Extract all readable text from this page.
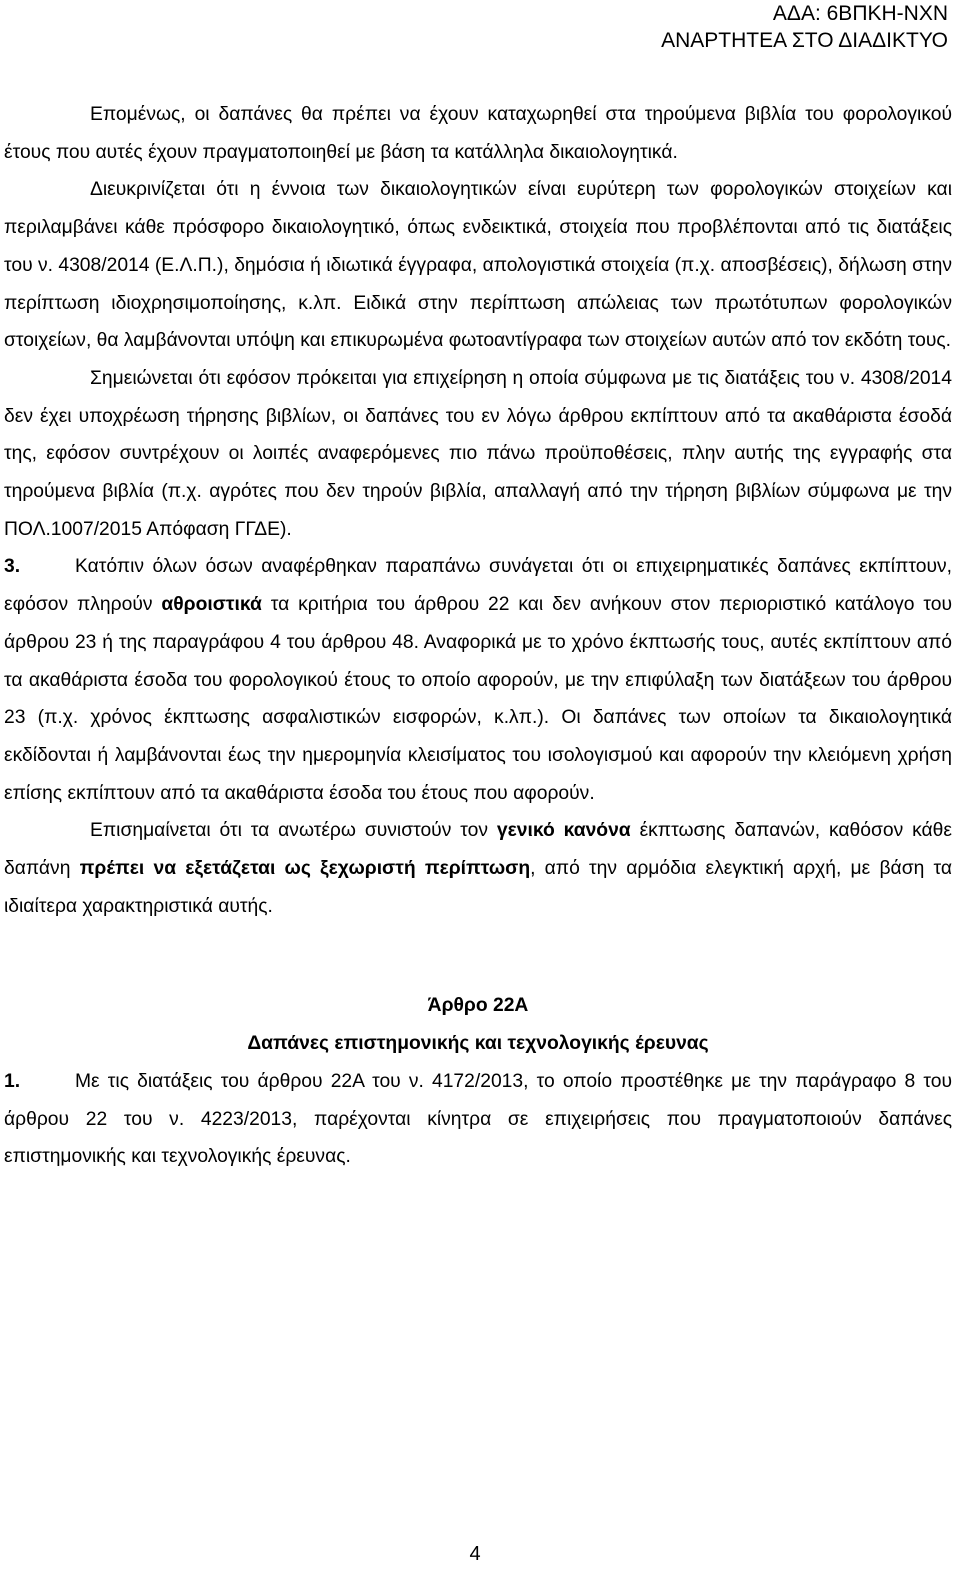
ΑΔΑ: 6ΒΠΚΗ-ΝΧΝ
ΑΝΑΡΤΗΤΕΑ ΣΤΟ ΔΙΑΔΙΚΤΥΟ

Επομένως, οι δαπάνες θα πρέπει να έχουν καταχωρηθεί στα τηρούμενα βιβλία του φορολογικού έτους που αυτές έχουν πραγματοποιηθεί με βάση τα κατάλληλα δικαιολογητικά.

Διευκρινίζεται ότι η έννοια των δικαιολογητικών είναι ευρύτερη των φορολογικών στοιχείων και περιλαμβάνει κάθε πρόσφορο δικαιολογητικό, όπως ενδεικτικά, στοιχεία που προβλέπονται από τις διατάξεις του ν. 4308/2014 (Ε.Λ.Π.), δημόσια ή ιδιωτικά έγγραφα, απολογιστικά στοιχεία (π.χ. αποσβέσεις), δήλωση στην περίπτωση ιδιοχρησιμοποίησης, κ.λπ. Ειδικά στην περίπτωση απώλειας των πρωτότυπων φορολογικών στοιχείων, θα λαμβάνονται υπόψη και επικυρωμένα φωτοαντίγραφα των στοιχείων αυτών από τον εκδότη τους.

Σημειώνεται ότι εφόσον πρόκειται για επιχείρηση η οποία σύμφωνα με τις διατάξεις του ν. 4308/2014 δεν έχει υποχρέωση τήρησης βιβλίων, οι δαπάνες του εν λόγω άρθρου εκπίπτουν από τα ακαθάριστα έσοδά της, εφόσον συντρέχουν οι λοιπές αναφερόμενες πιο πάνω προϋποθέσεις, πλην αυτής της εγγραφής στα τηρούμενα βιβλία (π.χ. αγρότες που δεν τηρούν βιβλία, απαλλαγή από την τήρηση βιβλίων σύμφωνα με την ΠΟΛ.1007/2015 Απόφαση ΓΓΔΕ).

3.	Κατόπιν όλων όσων αναφέρθηκαν παραπάνω συνάγεται ότι οι επιχειρηματικές δαπάνες εκπίπτουν, εφόσον πληρούν αθροιστικά τα κριτήρια του άρθρου 22 και δεν ανήκουν στον περιοριστικό κατάλογο του άρθρου 23 ή της παραγράφου 4 του άρθρου 48. Αναφορικά με το χρόνο έκπτωσής τους, αυτές εκπίπτουν από τα ακαθάριστα έσοδα του φορολογικού έτους το οποίο αφορούν, με την επιφύλαξη των διατάξεων του άρθρου 23 (π.χ. χρόνος έκπτωσης ασφαλιστικών εισφορών, κ.λπ.). Οι δαπάνες των οποίων τα δικαιολογητικά εκδίδονται ή λαμβάνονται έως την ημερομηνία κλεισίματος του ισολογισμού και αφορούν την κλειόμενη χρήση επίσης εκπίπτουν από τα ακαθάριστα έσοδα του έτους που αφορούν.

Επισημαίνεται ότι τα ανωτέρω συνιστούν τον γενικό κανόνα έκπτωσης δαπανών, καθόσον κάθε δαπάνη πρέπει να εξετάζεται ως ξεχωριστή περίπτωση, από την αρμόδια ελεγκτική αρχή, με βάση τα ιδιαίτερα χαρακτηριστικά αυτής.

Άρθρο 22Α

Δαπάνες επιστημονικής και τεχνολογικής έρευνας

1.	Με τις διατάξεις του άρθρου 22Α του ν. 4172/2013, το οποίο προστέθηκε με την παράγραφο 8 του άρθρου 22 του ν. 4223/2013, παρέχονται κίνητρα σε επιχειρήσεις που πραγματοποιούν δαπάνες επιστημονικής και τεχνολογικής έρευνας.

4
